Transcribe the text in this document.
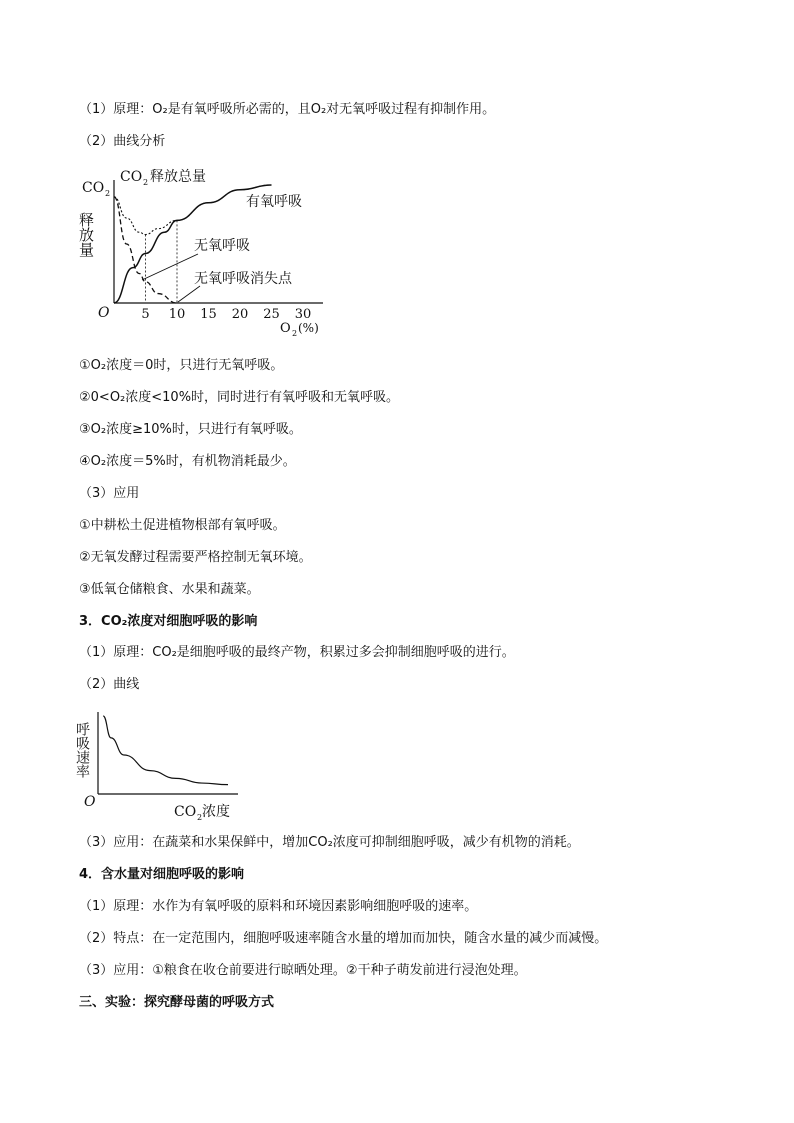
（1）原理：O₂是有氧呼吸所必需的，且O₂对无氧呼吸过程有抑制作用。
（2）曲线分析
CO 2
释放量
O 5 10 15 20 25 30
O 2 (%)
CO 2 释放总量
有氧呼吸
无氧呼吸
无氧呼吸消失点
①O₂浓度＝0时，只进行无氧呼吸。
②0<O₂浓度<10%时，同时进行有氧呼吸和无氧呼吸。
③O₂浓度≥10%时，只进行有氧呼吸。
④O₂浓度＝5%时，有机物消耗最少。
（3）应用
①中耕松土促进植物根部有氧呼吸。
②无氧发酵过程需要严格控制无氧环境。
③低氧仓储粮食、水果和蔬菜。
3．CO₂浓度对细胞呼吸的影响
（1）原理：CO₂是细胞呼吸的最终产物，积累过多会抑制细胞呼吸的进行。
（2）曲线
呼吸速率
O
CO 2 浓度
（3）应用：在蔬菜和水果保鲜中，增加CO₂浓度可抑制细胞呼吸，减少有机物的消耗。
4．含水量对细胞呼吸的影响
（1）原理：水作为有氧呼吸的原料和环境因素影响细胞呼吸的速率。
（2）特点：在一定范围内，细胞呼吸速率随含水量的增加而加快，随含水量的减少而减慢。
（3）应用：①粮食在收仓前要进行晾晒处理。②干种子萌发前进行浸泡处理。
三、实验：探究酵母菌的呼吸方式
